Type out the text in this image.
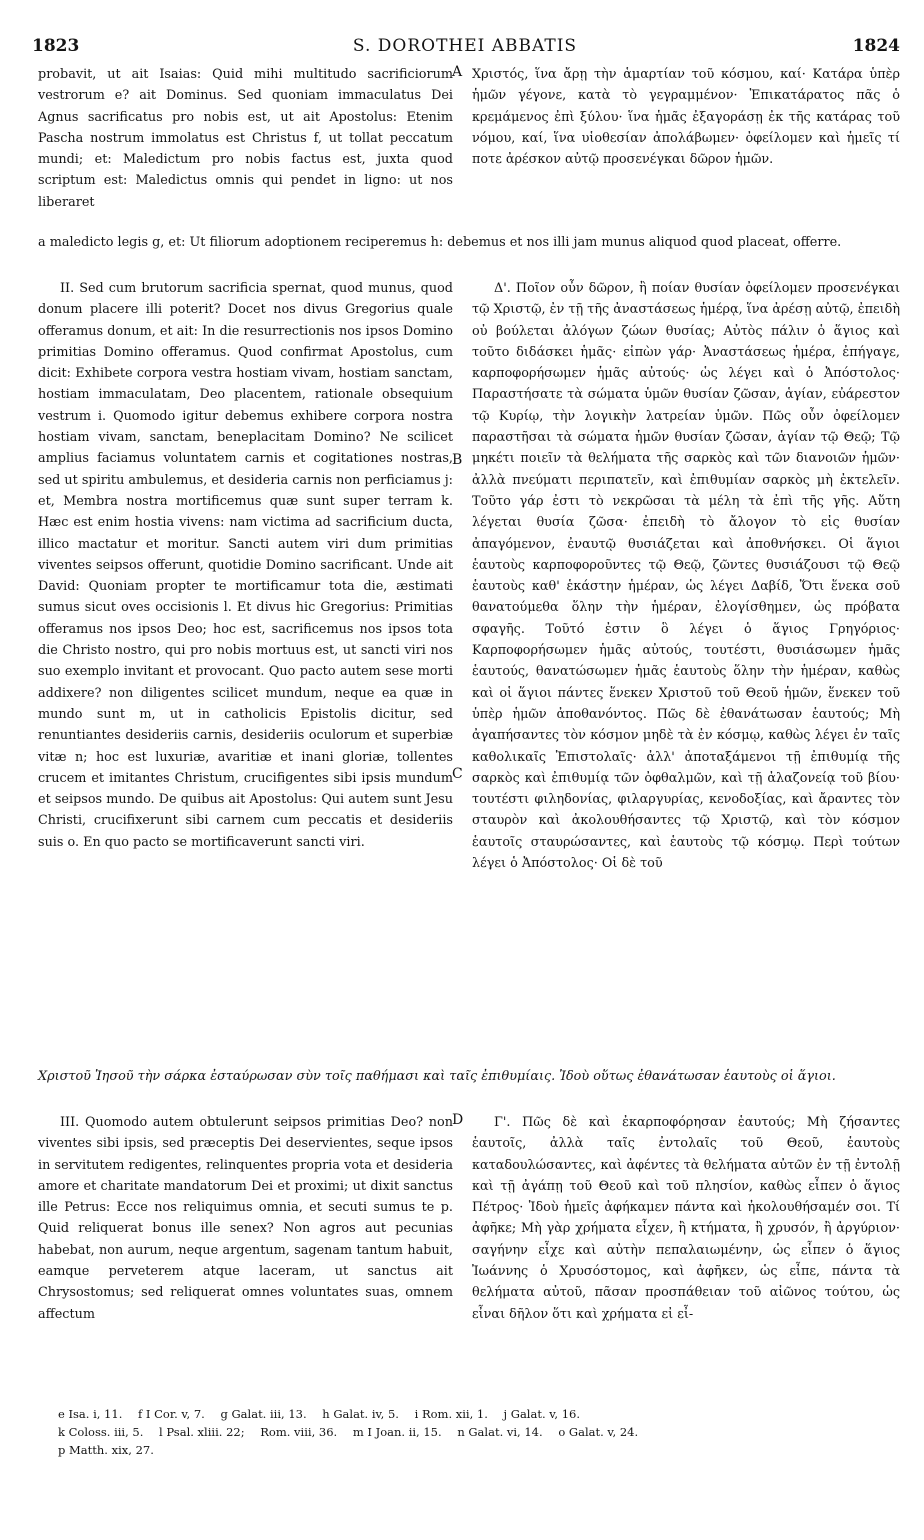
1823	S. DOROTHEI ABBATIS	1824

probavit, ut ait Isaias: Quid mihi multitudo sacrificiorum vestrorum e? ait Dominus. Sed quoniam immaculatus Dei Agnus sacrificatus pro nobis est, ut ait Apostolus: Etenim Pascha nostrum immolatus est Christus f, ut tollat peccatum mundi; et: Maledictum pro nobis factus est, juxta quod scriptum est: Maledictus omnis qui pendet in ligno: ut nos liberaret

Χριστός, ἵνα ἄρῃ τὴν ἁμαρτίαν τοῦ κόσμου, καί· Κατάρα ὑπὲρ ἡμῶν γέγονε, κατὰ τὸ γεγραμμένον· Ἐπικατάρατος πᾶς ὁ κρεμάμενος ἐπὶ ξύλου· ἵνα ἡμᾶς ἐξαγοράσῃ ἐκ τῆς κατάρας τοῦ νόμου, καί, ἵνα υἱοθεσίαν ἀπολάβωμεν· ὀφείλομεν καὶ ἡμεῖς τί ποτε ἀρέσκον αὐτῷ προσενέγκαι δῶρον ἡμῶν.

A
a maledicto legis g, et: Ut filiorum adoptionem reciperemus h: debemus et nos illi jam munus aliquod quod placeat, offerre.

II. Sed cum brutorum sacrificia spernat, quod munus, quod donum placere illi poterit? Docet nos divus Gregorius quale offeramus donum, et ait: In die resurrectionis nos ipsos Domino primitias Domino offeramus. Quod confirmat Apostolus, cum dicit: Exhibete corpora vestra hostiam vivam, hostiam sanctam, hostiam immaculatam, Deo placentem, rationale obsequium vestrum i. Quomodo igitur debemus exhibere corpora nostra hostiam vivam, sanctam, beneplacitam Domino? Ne scilicet amplius faciamus voluntatem carnis et cogitationes nostras, sed ut spiritu ambulemus, et desideria carnis non perficiamus j: et, Membra nostra mortificemus quæ sunt super terram k. Hæc est enim hostia vivens: nam victima ad sacrificium ducta, illico mactatur et moritur. Sancti autem viri dum primitias viventes seipsos offerunt, quotidie Domino sacrificant. Unde ait David: Quoniam propter te mortificamur tota die, æstimati sumus sicut oves occisionis l. Et divus hic Gregorius: Primitias offeramus nos ipsos Deo; hoc est, sacrificemus nos ipsos tota die Christo nostro, qui pro nobis mortuus est, ut sancti viri nos suo exemplo invitant et provocant. Quo pacto autem sese morti addixere? non diligentes scilicet mundum, neque ea quæ in mundo sunt m, ut in catholicis Epistolis dicitur, sed renuntiantes desideriis carnis, desideriis oculorum et superbiæ vitæ n; hoc est luxuriæ, avaritiæ et inani gloriæ, tollentes crucem et imitantes Christum, crucifigentes sibi ipsis mundum et seipsos mundo. De quibus ait Apostolus: Qui autem sunt Jesu Christi, crucifixerunt sibi carnem cum peccatis et desideriis suis o. En quo pacto se mortificaverunt sancti viri.

Δ'. Ποῖον οὖν δῶρον, ἢ ποίαν θυσίαν ὀφείλομεν προσενέγκαι τῷ Χριστῷ, ἐν τῇ τῆς ἀναστάσεως ἡμέρᾳ, ἵνα ἀρέσῃ αὐτῷ, ἐπειδὴ οὐ βούλεται ἀλόγων ζώων θυσίας; Αὐτὸς πάλιν ὁ ἅγιος καὶ τοῦτο διδάσκει ἡμᾶς· εἰπὼν γάρ· Ἀναστάσεως ἡμέρα, ἐπήγαγε, καρποφορήσωμεν ἡμᾶς αὐτούς· ὡς λέγει καὶ ὁ Ἀπόστολος· Παραστήσατε τὰ σώματα ὑμῶν θυσίαν ζῶσαν, ἁγίαν, εὐάρεστον τῷ Κυρίῳ, τὴν λογικὴν λατρείαν ὑμῶν. Πῶς οὖν ὀφείλομεν παραστῆσαι τὰ σώματα ἡμῶν θυσίαν ζῶσαν, ἁγίαν τῷ Θεῷ; Τῷ μηκέτι ποιεῖν τὰ θελήματα τῆς σαρκὸς καὶ τῶν διανοιῶν ἡμῶν· ἀλλὰ πνεύματι περιπατεῖν, καὶ ἐπιθυμίαν σαρκὸς μὴ ἐκτελεῖν. Τοῦτο γάρ ἐστι τὸ νεκρῶσαι τὰ μέλη τὰ ἐπὶ τῆς γῆς. Αὕτη λέγεται θυσία ζῶσα· ἐπειδὴ τὸ ἄλογον τὸ εἰς θυσίαν ἀπαγόμενον, ἐναυτῷ θυσιάζεται καὶ ἀποθνήσκει. Οἱ ἅγιοι ἑαυτοὺς καρποφοροῦντες τῷ Θεῷ, ζῶντες θυσιάζουσι τῷ Θεῷ ἑαυτοὺς καθ' ἑκάστην ἡμέραν, ὡς λέγει Δαβίδ, Ὅτι ἕνεκα σοῦ θανατούμεθα ὅλην τὴν ἡμέραν, ἐλογίσθημεν, ὡς πρόβατα σφαγῆς. Τοῦτό ἐστιν ὃ λέγει ὁ ἅγιος Γρηγόριος· Καρποφορήσωμεν ἡμᾶς αὐτούς, τουτέστι, θυσιάσωμεν ἡμᾶς ἑαυτούς, θανατώσωμεν ἡμᾶς ἑαυτοὺς ὅλην τὴν ἡμέραν, καθὼς καὶ οἱ ἅγιοι πάντες ἕνεκεν Χριστοῦ τοῦ Θεοῦ ἡμῶν, ἕνεκεν τοῦ ὑπὲρ ἡμῶν ἀποθανόντος. Πῶς δὲ ἐθανάτωσαν ἑαυτούς; Μὴ ἀγαπήσαντες τὸν κόσμον μηδὲ τὰ ἐν κόσμῳ, καθὼς λέγει ἐν ταῖς καθολικαῖς Ἐπιστολαῖς· ἀλλ' ἀποταξάμενοι τῇ ἐπιθυμίᾳ τῆς σαρκὸς καὶ ἐπιθυμίᾳ τῶν ὀφθαλμῶν, καὶ τῇ ἀλαζονείᾳ τοῦ βίου· τουτέστι φιληδονίας, φιλαργυρίας, κενοδοξίας, καὶ ἄραντες τὸν σταυρὸν καὶ ἀκολουθήσαντες τῷ Χριστῷ, καὶ τὸν κόσμον ἑαυτοῖς σταυρώσαντες, καὶ ἑαυτοὺς τῷ κόσμῳ. Περὶ τούτων λέγει ὁ Ἀπόστολος· Οἱ δὲ τοῦ

B
C
Χριστοῦ Ἰησοῦ τὴν σάρκα ἐσταύρωσαν σὺν τοῖς παθήμασι καὶ ταῖς ἐπιθυμίαις. Ἰδοὺ οὕτως ἐθανάτωσαν ἑαυτοὺς οἱ ἅγιοι.

III. Quomodo autem obtulerunt seipsos primitias Deo? non viventes sibi ipsis, sed præceptis Dei deservientes, seque ipsos in servitutem redigentes, relinquentes propria vota et desideria amore et charitate mandatorum Dei et proximi; ut dixit sanctus ille Petrus: Ecce nos reliquimus omnia, et secuti sumus te p. Quid reliquerat bonus ille senex? Non agros aut pecunias habebat, non aurum, neque argentum, sagenam tantum habuit, eamque perveterem atque laceram, ut sanctus ait Chrysostomus; sed reliquerat omnes voluntates suas, omnem affectum

Γ'. Πῶς δὲ καὶ ἐκαρποφόρησαν ἑαυτούς; Μὴ ζήσαντες ἑαυτοῖς, ἀλλὰ ταῖς ἐντολαῖς τοῦ Θεοῦ, ἑαυτοὺς καταδουλώσαντες, καὶ ἀφέντες τὰ θελήματα αὐτῶν ἐν τῇ ἐντολῇ καὶ τῇ ἀγάπῃ τοῦ Θεοῦ καὶ τοῦ πλησίον, καθὼς εἶπεν ὁ ἅγιος Πέτρος· Ἰδοὺ ἡμεῖς ἀφήκαμεν πάντα καὶ ἠκολουθήσαμέν σοι. Τί ἀφῆκε; Μὴ γὰρ χρήματα εἶχεν, ἢ κτήματα, ἢ χρυσόν, ἢ ἀργύριον· σαγήνην εἶχε καὶ αὐτὴν πεπαλαιωμένην, ὡς εἶπεν ὁ ἅγιος Ἰωάννης ὁ Χρυσόστομος, καὶ ἀφῆκεν, ὡς εἶπε, πάντα τὰ θελήματα αὐτοῦ, πᾶσαν προσπάθειαν τοῦ αἰῶνος τούτου, ὡς εἶναι δῆλον ὅτι καὶ χρήματα εἰ εἶ-

D
e Isa. i, 11. f I Cor. v, 7. g Galat. iii, 13. h Galat. iv, 5. i Rom. xii, 1. j Galat. v, 16.
k Coloss. iii, 5. l Psal. xliii. 22; Rom. viii, 36. m I Joan. ii, 15. n Galat. vi, 14. o Galat. v, 24.
p Matth. xix, 27.
